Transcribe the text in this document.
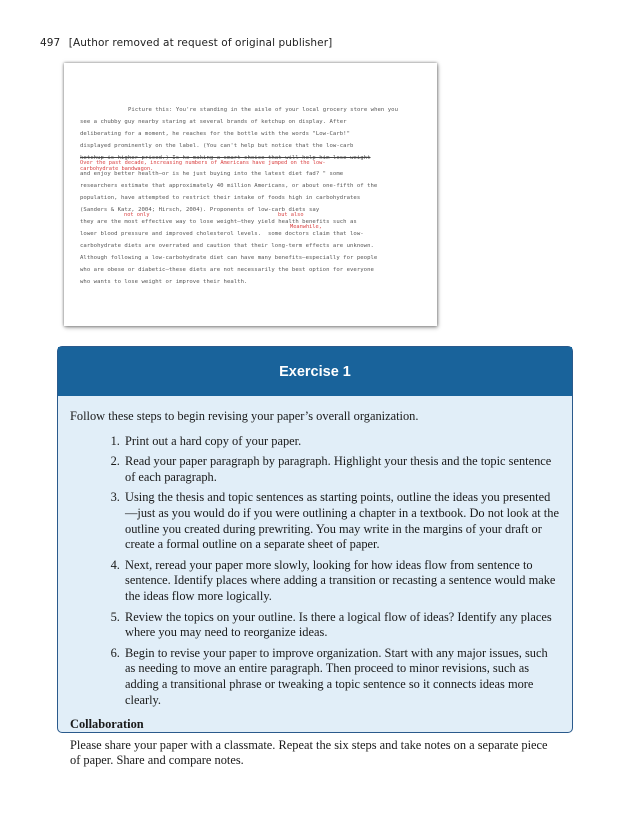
497 [Author removed at request of original publisher]
Picture this: You're standing in the aisle of your local grocery store when you
see a chubby guy nearby staring at several brands of ketchup on display. After
deliberating for a moment, he reaches for the bottle with the words "Low-Carb!"
displayed prominently on the label. (You can't help but notice that the low-carb
ketchup is higher priced.) Is he making a smart choice that will help him lose weight
Over the past decade, increasing numbers of Americans have jumped on the low-
carbohydrate bandwagon.
and enjoy better health—or is he just buying into the latest diet fad? " some
researchers estimate that approximately 40 million Americans, or about one-fifth of the
population, have attempted to restrict their intake of foods high in carbohydrates
(Sanders & Katz, 2004; Hirsch, 2004). Proponents of low-carb diets say
not only	but also
they are the most effective way to lose weight—they yield health benefits such as
Meanwhile,
lower blood pressure and improved cholesterol levels.  some doctors claim that low-
carbohydrate diets are overrated and caution that their long-term effects are unknown.
Although following a low-carbohydrate diet can have many benefits—especially for people
who are obese or diabetic—these diets are not necessarily the best option for everyone
who wants to lose weight or improve their health.
Exercise 1

Follow these steps to begin revising your paper’s overall organization.

1. Print out a hard copy of your paper.
2. Read your paper paragraph by paragraph. Highlight your thesis and the topic sentence of each paragraph.
3. Using the thesis and topic sentences as starting points, outline the ideas you presented—just as you would do if you were outlining a chapter in a textbook. Do not look at the outline you created during prewriting. You may write in the margins of your draft or create a formal outline on a separate sheet of paper.
4. Next, reread your paper more slowly, looking for how ideas flow from sentence to sentence. Identify places where adding a transition or recasting a sentence would make the ideas flow more logically.
5. Review the topics on your outline. Is there a logical flow of ideas? Identify any places where you may need to reorganize ideas.
6. Begin to revise your paper to improve organization. Start with any major issues, such as needing to move an entire paragraph. Then proceed to minor revisions, such as adding a transitional phrase or tweaking a topic sentence so it connects ideas more clearly.
Collaboration

Please share your paper with a classmate. Repeat the six steps and take notes on a separate piece of paper. Share and compare notes.
